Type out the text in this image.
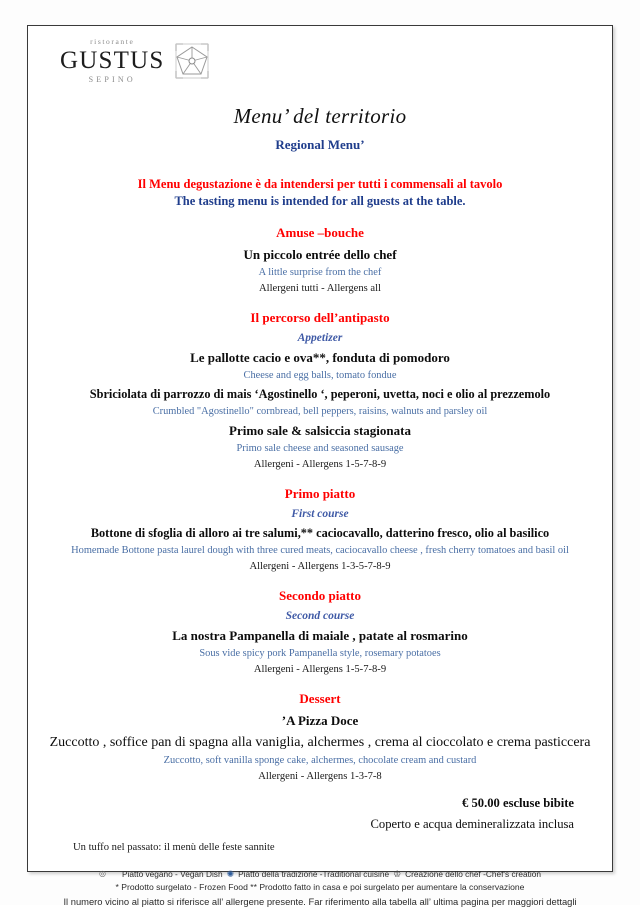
ristorante
GUSTUS
SEPINO
Menu’ del territorio
Regional Menu’
Il Menu degustazione è da intendersi per tutti i commensali al tavolo
The tasting menu is intended for all guests at the table.
Amuse –bouche
Un piccolo entrée dello chef
A little surprise from the chef
Allergeni tutti - Allergens all
Il percorso dell’antipasto
Appetizer
Le pallotte cacio e ova**, fonduta di pomodoro
Cheese and egg balls, tomato fondue
Sbriciolata di parrozzo di mais ‘Agostinello ‘, peperoni, uvetta, noci e olio al prezzemolo
Crumbled "Agostinello" cornbread, bell peppers, raisins, walnuts and parsley oil
Primo sale & salsiccia stagionata
Primo sale cheese and seasoned sausage
Allergeni - Allergens 1-5-7-8-9
Primo piatto
First course
Bottone di sfoglia di alloro ai tre salumi,** caciocavallo, datterino fresco, olio al basilico
Homemade Bottone pasta laurel dough with three cured meats, caciocavallo cheese , fresh cherry tomatoes and basil oil
Allergeni - Allergens 1-3-5-7-8-9
Secondo piatto
Second course
La nostra Pampanella di maiale , patate al rosmarino
Sous vide spicy pork Pampanella style, rosemary potatoes
Allergeni - Allergens 1-5-7-8-9
Dessert
’A Pizza Doce
Zuccotto , soffice pan di spagna alla vaniglia, alchermes , crema al cioccolato e crema pasticcera
Zuccotto, soft vanilla sponge cake, alchermes, chocolate cream and custard
Allergeni - Allergens 1-3-7-8
€ 50.00 escluse bibite
Coperto e acqua demineralizzata inclusa
Un tuffo nel passato: il menù delle feste sannite
◎ Piatto vegano - Vegan Dish ✺ Piatto della tradizione -Traditional cuisine ♔ Creazione dello chef -Chef's creation
* Prodotto surgelato - Frozen Food ** Prodotto fatto in casa e poi surgelato per aumentare la conservazione
Il numero vicino al piatto si riferisce all’ allergene presente. Far riferimento alla tabella all’ ultima pagina per maggiori dettagli
